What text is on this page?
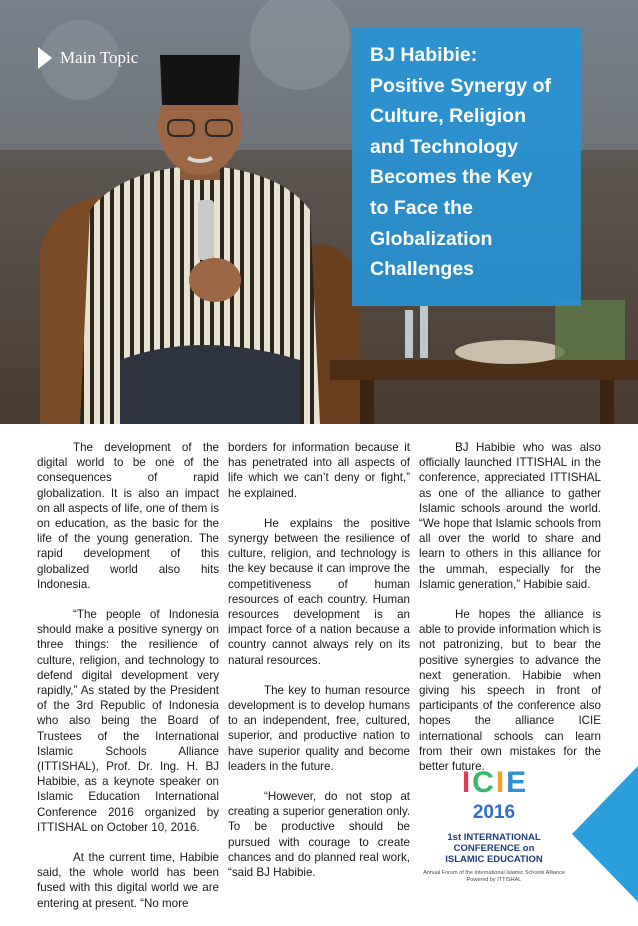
Main Topic	BJ Habibie:
Positive Synergy of
Culture, Religion
and Technology
Becomes the Key
to Face the
Globalization
Challenges

The development of the digital world to be one of the consequences of rapid globalization. It is also an impact on all aspects of life, one of them is on education, as the basic for the life of the young generation. The rapid development of this globalized world also hits Indonesia.

“The people of Indonesia should make a positive synergy on three things: the resilience of culture, religion, and technology to defend digital development very rapidly,” As stated by the President of the 3rd Republic of Indonesia who also being the Board of Trustees of the International Islamic Schools Alliance (ITTISHAL), Prof. Dr. Ing. H. BJ Habibie, as a keynote speaker on Islamic Education International Conference 2016 organized by ITTISHAL on October 10, 2016.

At the current time, Habibie said, the whole world has been fused with this digital world we are entering at present. “No more

borders for information because it has penetrated into all aspects of life which we can’t deny or fight,” he explained.

He explains the positive synergy between the resilience of culture, religion, and technology is the key because it can improve the competitiveness of human resources of each country. Human resources development is an impact force of a nation because a country cannot always rely on its natural resources.

The key to human resource development is to develop humans to an independent, free, cultured, superior, and productive nation to have superior quality and become leaders in the future.

“However, do not stop at creating a superior generation only. To be productive should be pursued with courage to create chances and do planned real work, “said BJ Habibie.

BJ Habibie who was also officially launched ITTISHAL in the conference, appreciated ITTISHAL as one of the alliance to gather Islamic schools around the world. “We hope that Islamic schools from all over the world to share and learn to others in this alliance for the ummah, especially for the Islamic generation,” Habibie said.

He hopes the alliance is able to provide information which is not patronizing, but to bear the positive synergies to advance the next generation. Habibie when giving his speech in front of participants of the conference also hopes the alliance ICIE international schools can learn from their own mistakes for the better future.

I C I E
2016
1st INTERNATIONAL
CONFERENCE on
ISLAMIC EDUCATION
Annual Forum of the International Islamic Schools Alliance
Powered by ITTISHAL
